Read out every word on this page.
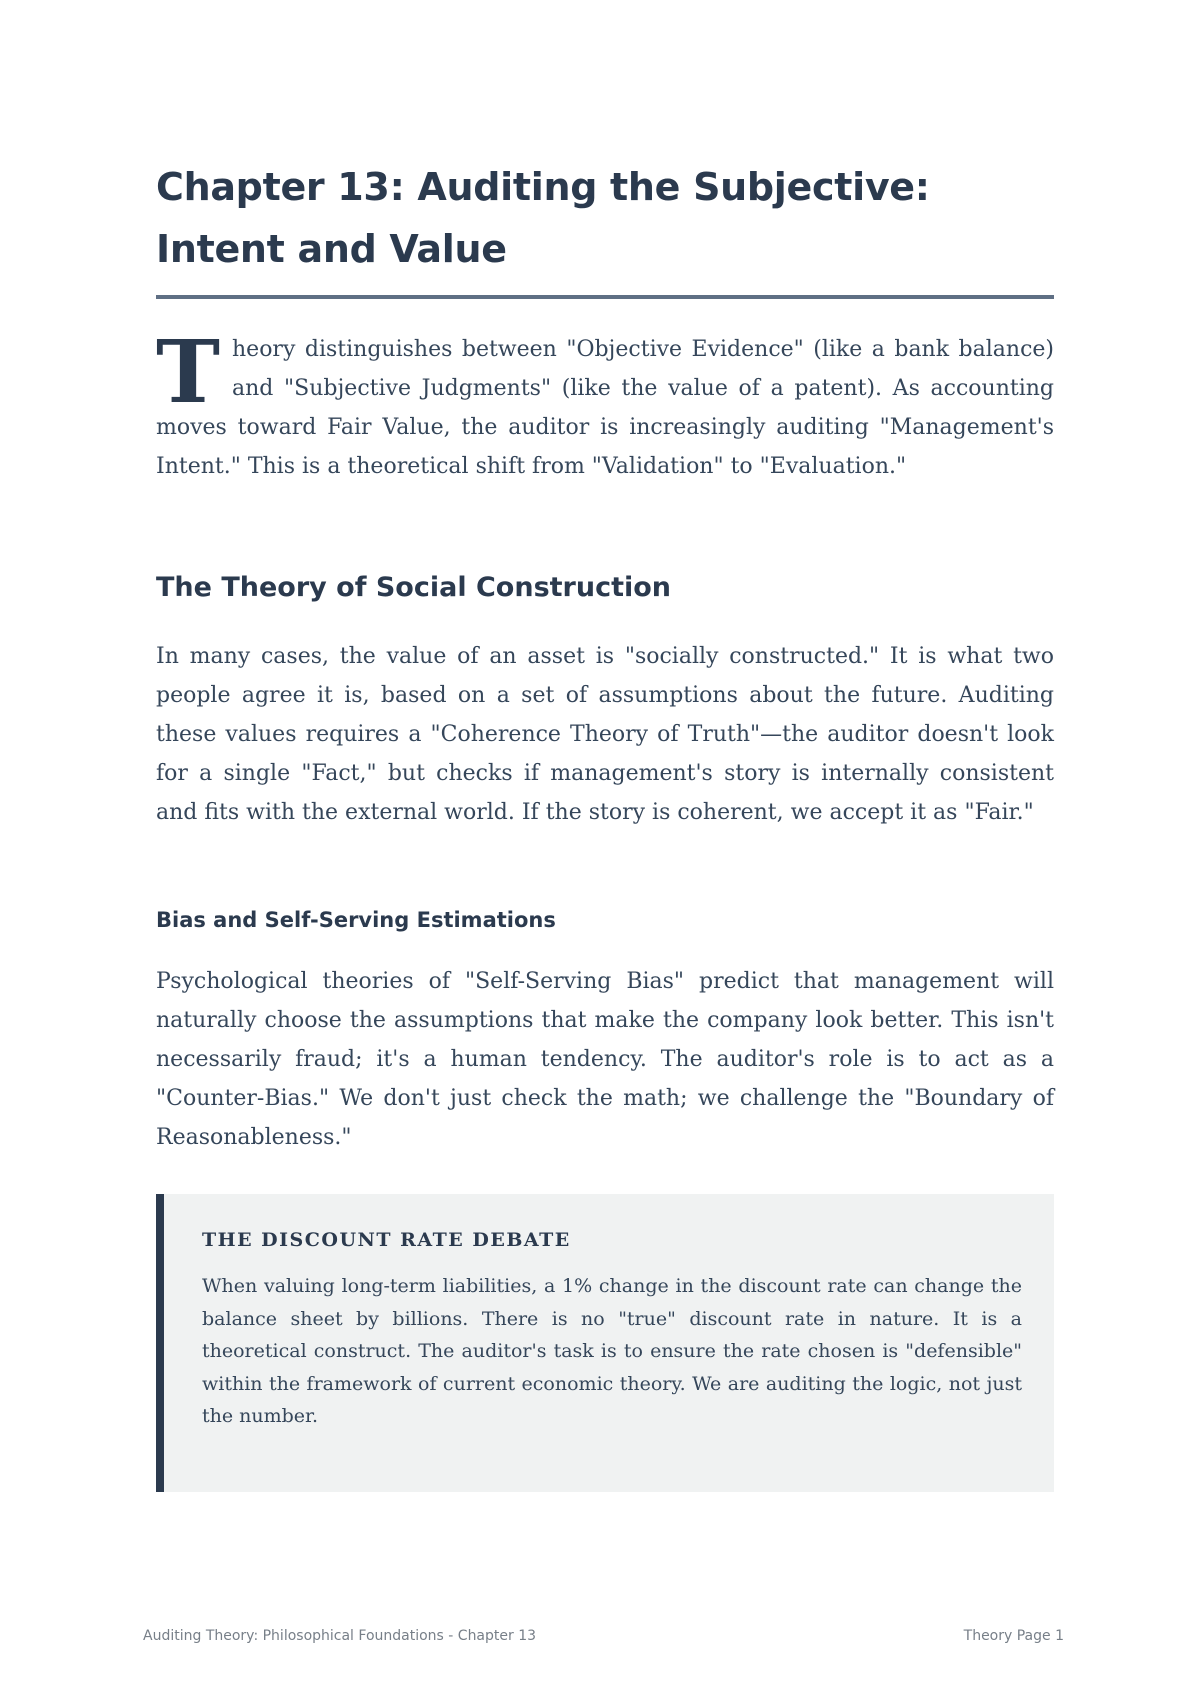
Chapter 13: Auditing the Subjective: Intent and Value
T heory distinguishes between "Objective Evidence" (like a bank balance) and "Subjective Judgments" (like the value of a patent). As accounting moves toward Fair Value, the auditor is increasingly auditing "Management's Intent." This is a theoretical shift from "Validation" to "Evaluation."
The Theory of Social Construction

In many cases, the value of an asset is "socially constructed." It is what two people agree it is, based on a set of assumptions about the future. Auditing these values requires a "Coherence Theory of Truth"—the auditor doesn't look for a single "Fact," but checks if management's story is internally consistent and fits with the external world. If the story is coherent, we accept it as "Fair."

Bias and Self-Serving Estimations

Psychological theories of "Self-Serving Bias" predict that management will naturally choose the assumptions that make the company look better. This isn't necessarily fraud; it's a human tendency. The auditor's role is to act as a "Counter-Bias." We don't just check the math; we challenge the "Boundary of Reasonableness."

THE DISCOUNT RATE DEBATE

When valuing long-term liabilities, a 1% change in the discount rate can change the balance sheet by billions. There is no "true" discount rate in nature. It is a theoretical construct. The auditor's task is to ensure the rate chosen is "defensible" within the framework of current economic theory. We are auditing the logic, not just the number.

Auditing Theory: Philosophical Foundations - Chapter 13	Theory Page 1
